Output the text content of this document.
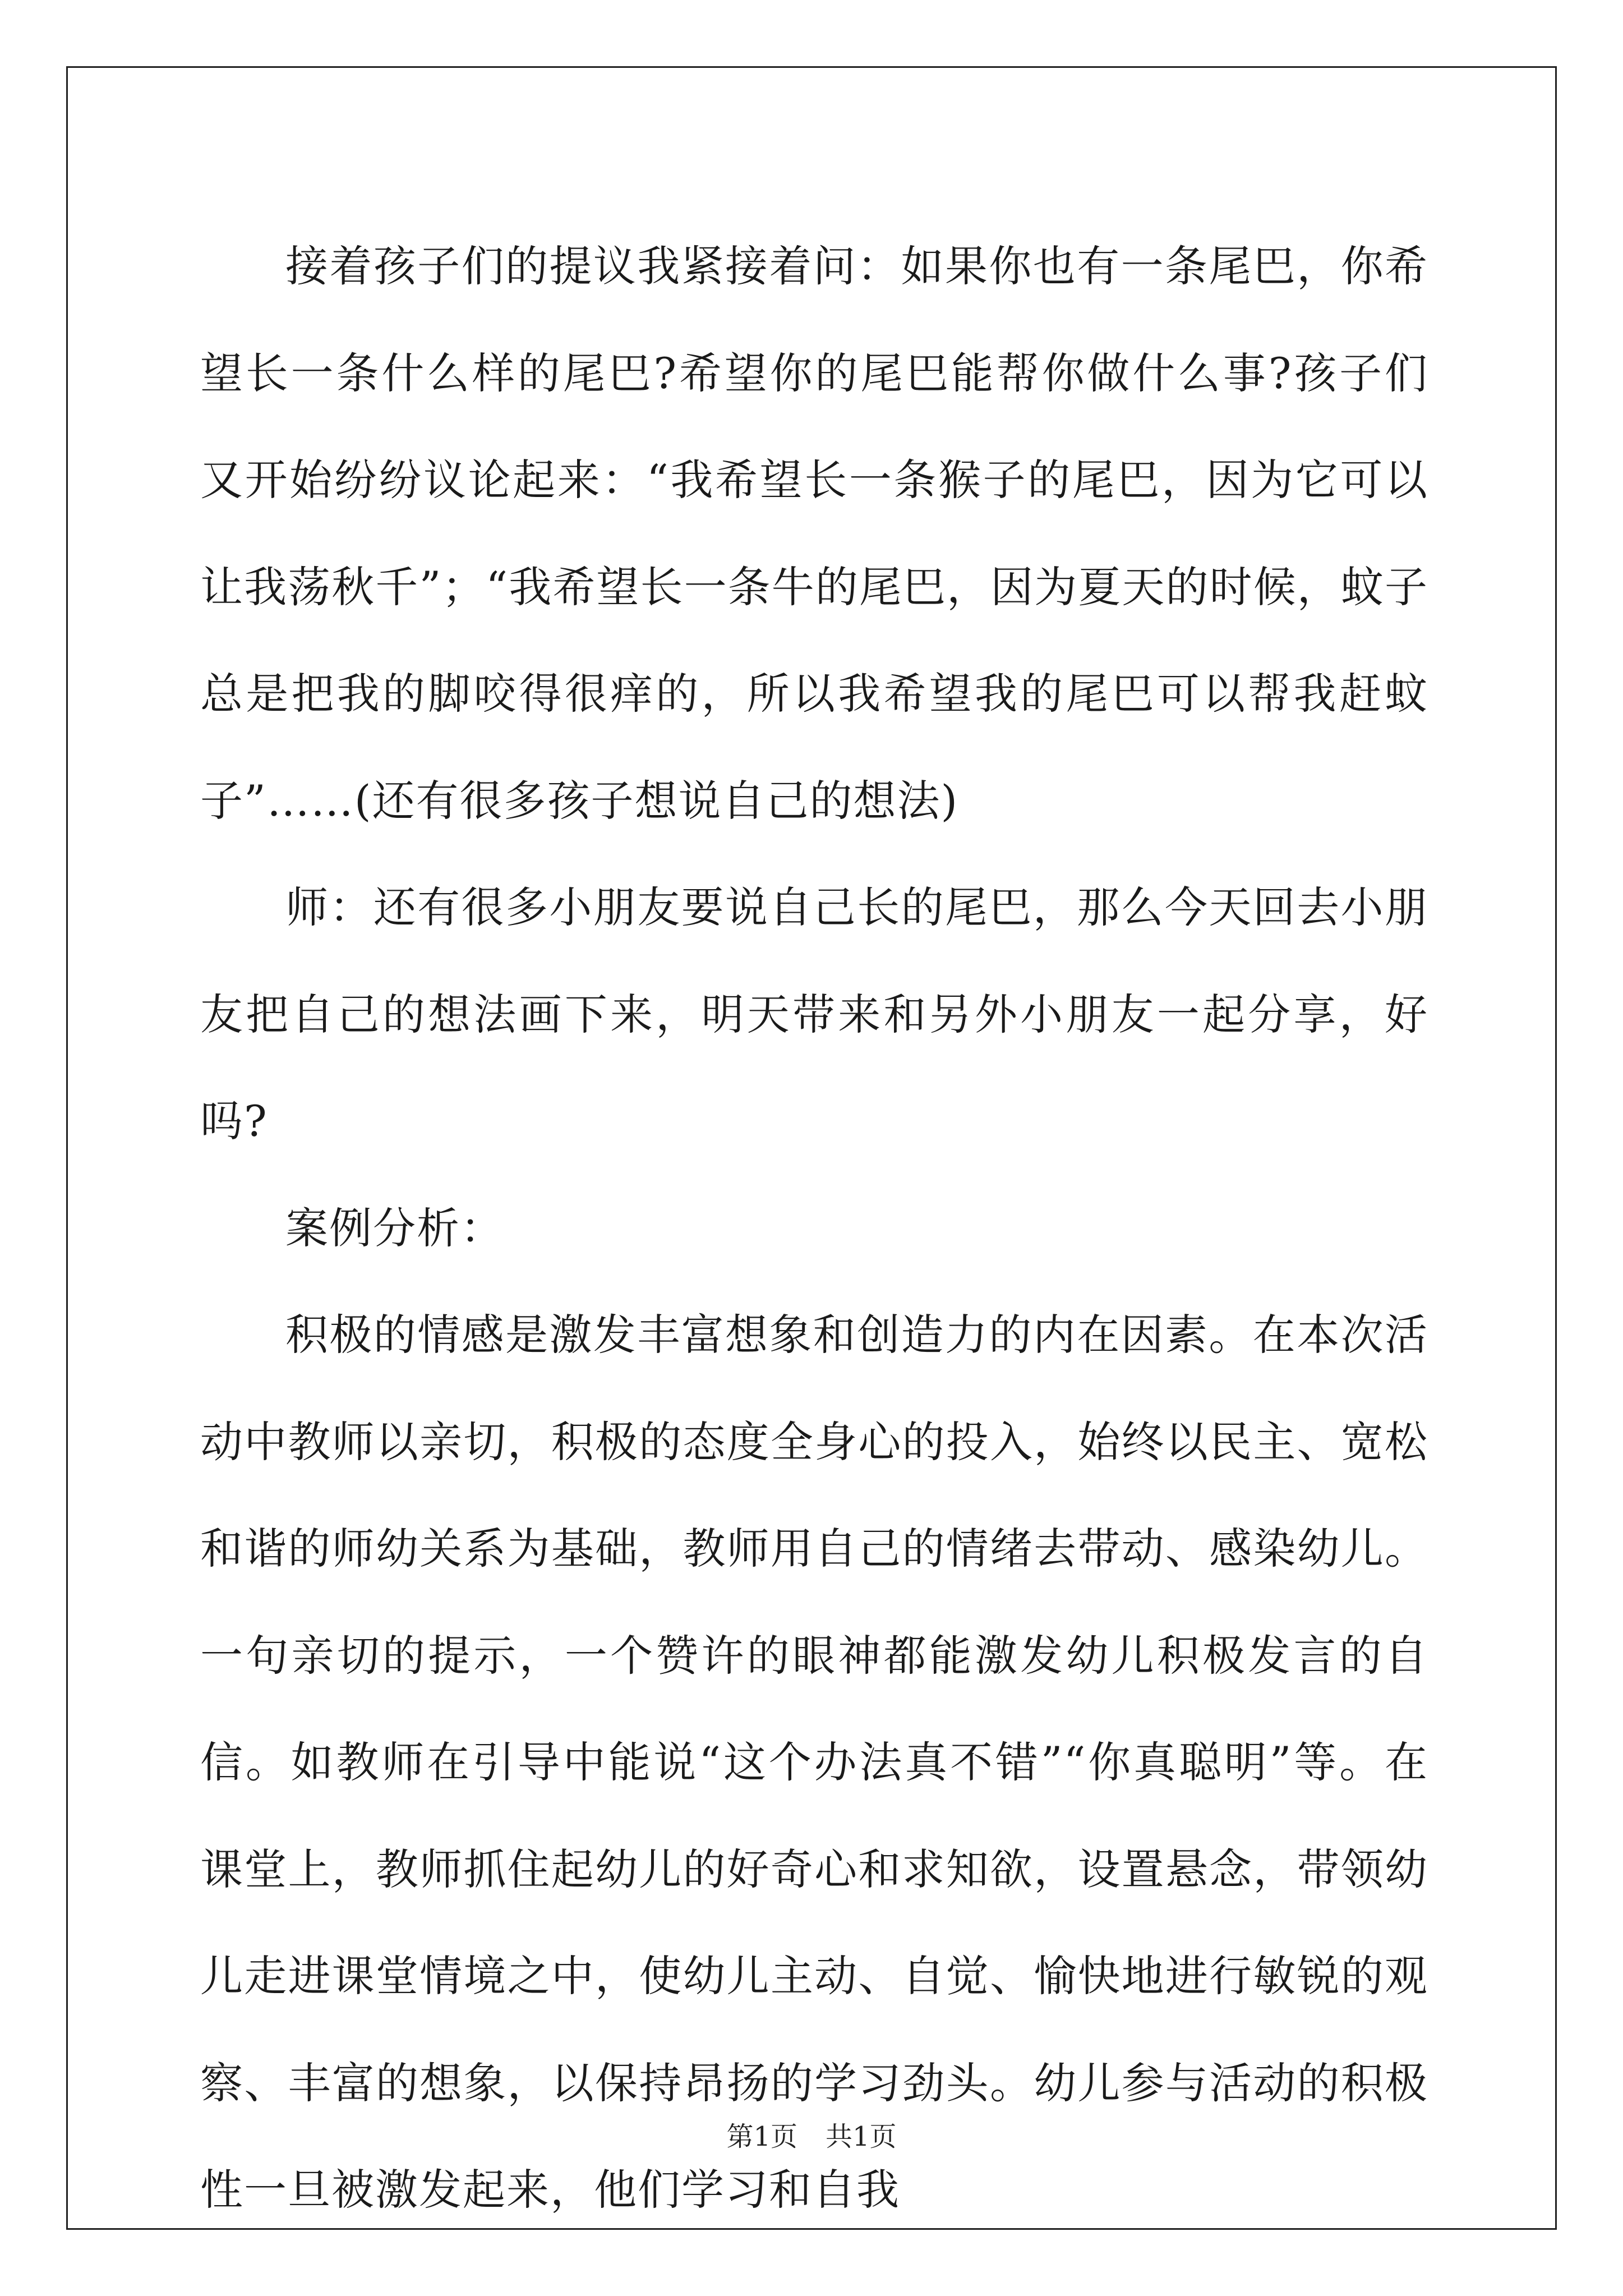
接着孩子们的提议我紧接着问：如果你也有一条尾巴，你希望长一条什么样的尾巴?希望你的尾巴能帮你做什么事?孩子们又开始纷纷议论起来：“我希望长一条猴子的尾巴，因为它可以让我荡秋千”；“我希望长一条牛的尾巴，因为夏天的时候，蚊子总是把我的脚咬得很痒的，所以我希望我的尾巴可以帮我赶蚊子”……(还有很多孩子想说自己的想法)

师：还有很多小朋友要说自己长的尾巴，那么今天回去小朋友把自己的想法画下来，明天带来和另外小朋友一起分享，好吗?

案例分析：

积极的情感是激发丰富想象和创造力的内在因素。在本次活动中教师以亲切，积极的态度全身心的投入，始终以民主、宽松和谐的师幼关系为基础，教师用自己的情绪去带动、感染幼儿。一句亲切的提示，一个赞许的眼神都能激发幼儿积极发言的自信。如教师在引导中能说“这个办法真不错”“你真聪明”等。在课堂上，教师抓住起幼儿的好奇心和求知欲，设置悬念，带领幼儿走进课堂情境之中，使幼儿主动、自觉、愉快地进行敏锐的观察、丰富的想象，以保持昂扬的学习劲头。幼儿参与活动的积极性一旦被激发起来，他们学习和自我

第1页 共1页
